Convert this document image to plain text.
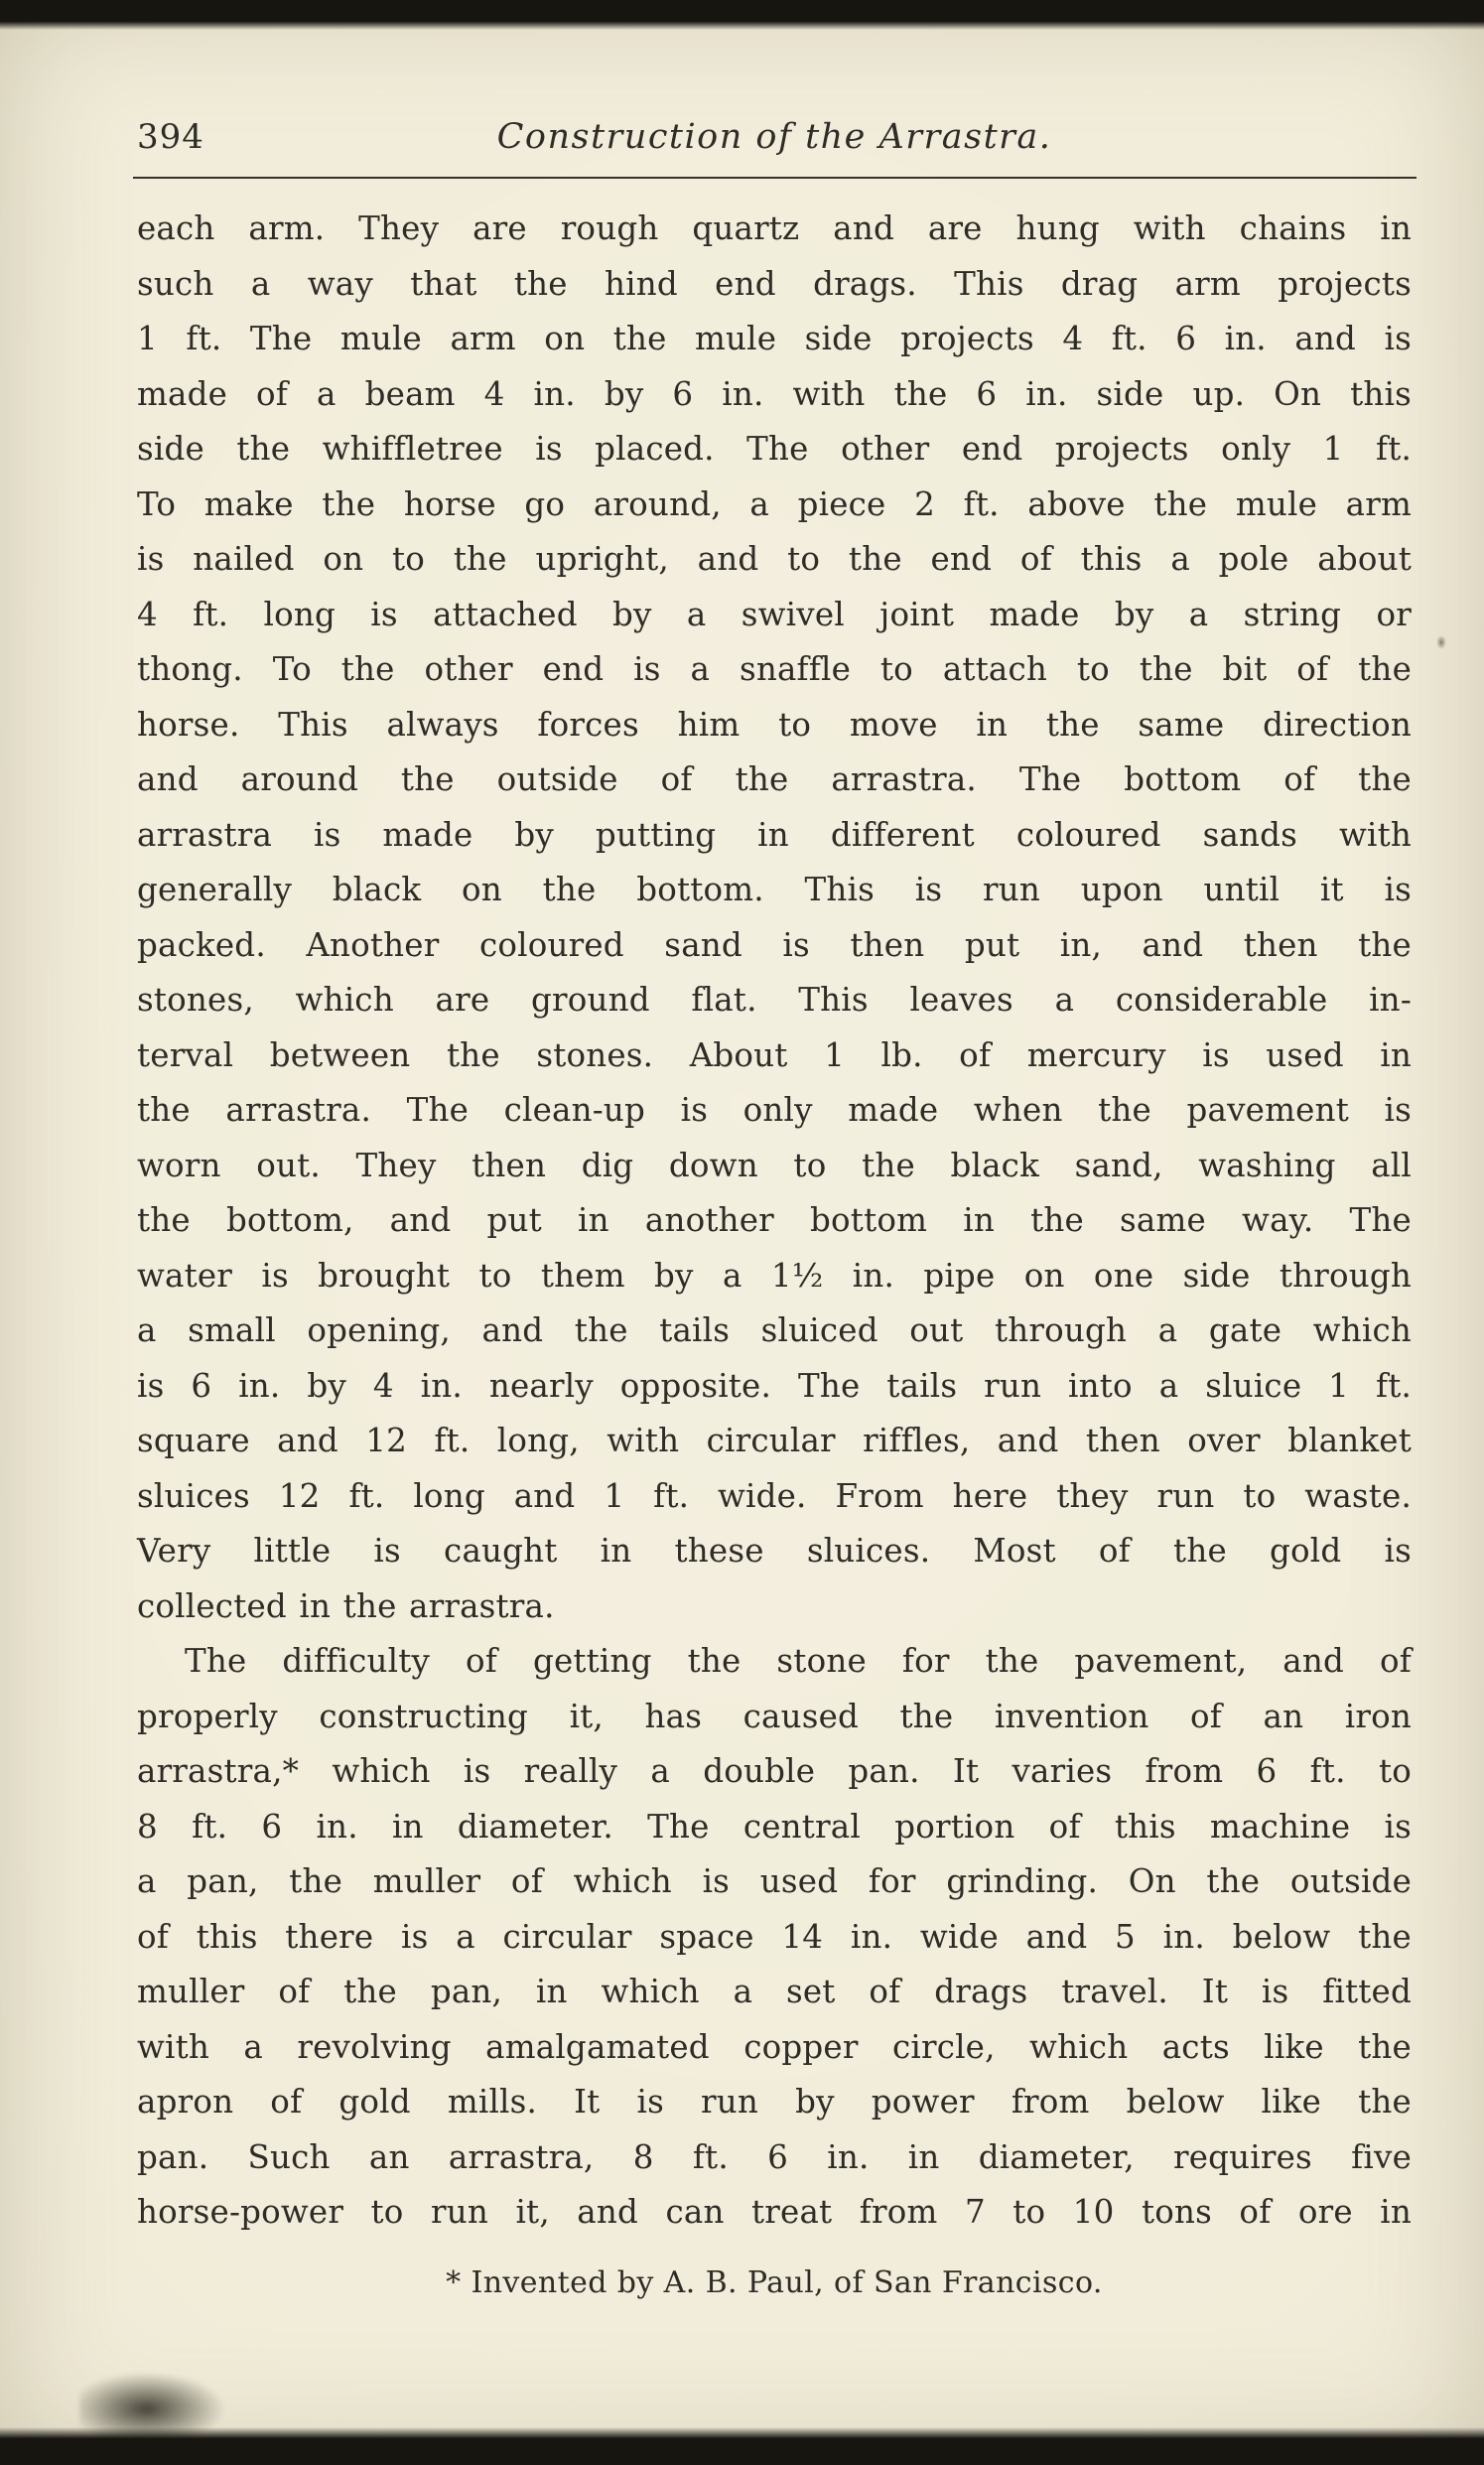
394	Construction of the Arrastra.
each arm. They are rough quartz and are hung with chains in
such a way that the hind end drags. This drag arm projects
1 ft. The mule arm on the mule side projects 4 ft. 6 in. and is
made of a beam 4 in. by 6 in. with the 6 in. side up. On this
side the whiffletree is placed. The other end projects only 1 ft.
To make the horse go around, a piece 2 ft. above the mule arm
is nailed on to the upright, and to the end of this a pole about
4 ft. long is attached by a swivel joint made by a string or
thong. To the other end is a snaffle to attach to the bit of the
horse. This always forces him to move in the same direction
and around the outside of the arrastra. The bottom of the
arrastra is made by putting in different coloured sands with
generally black on the bottom. This is run upon until it is
packed. Another coloured sand is then put in, and then the
stones, which are ground flat. This leaves a considerable in-
terval between the stones. About 1 lb. of mercury is used in
the arrastra. The clean-up is only made when the pavement is
worn out. They then dig down to the black sand, washing all
the bottom, and put in another bottom in the same way. The
water is brought to them by a 1½ in. pipe on one side through
a small opening, and the tails sluiced out through a gate which
is 6 in. by 4 in. nearly opposite. The tails run into a sluice 1 ft.
square and 12 ft. long, with circular riffles, and then over blanket
sluices 12 ft. long and 1 ft. wide. From here they run to waste.
Very little is caught in these sluices. Most of the gold is
collected in the arrastra.
The difficulty of getting the stone for the pavement, and of
properly constructing it, has caused the invention of an iron
arrastra,* which is really a double pan. It varies from 6 ft. to
8 ft. 6 in. in diameter. The central portion of this machine is
a pan, the muller of which is used for grinding. On the outside
of this there is a circular space 14 in. wide and 5 in. below the
muller of the pan, in which a set of drags travel. It is fitted
with a revolving amalgamated copper circle, which acts like the
apron of gold mills. It is run by power from below like the
pan. Such an arrastra, 8 ft. 6 in. in diameter, requires five
horse-power to run it, and can treat from 7 to 10 tons of ore in
* Invented by A. B. Paul, of San Francisco.
